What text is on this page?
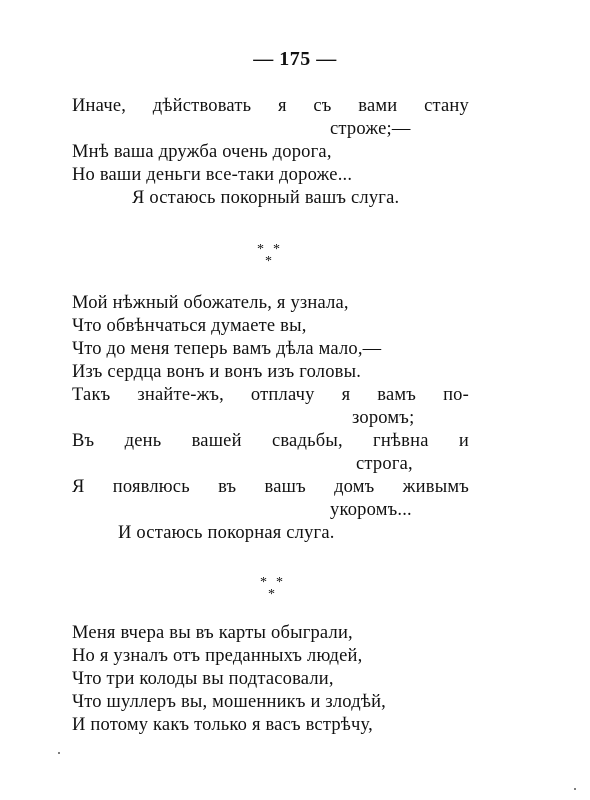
— 175 —
Иначе, дѣйствовать я съ вами стану
строже;—
Мнѣ ваша дружба очень дорога,
Но ваши деньги все-таки дороже...
Я остаюсь покорный вашъ слуга.
* *
*
Мой нѣжный обожатель, я узнала,
Что обвѣнчаться думаете вы,
Что до меня теперь вамъ дѣла мало,—
Изъ сердца вонъ и вонъ изъ головы.
Такъ знайте-жъ, отплачу я вамъ по-
зоромъ;
Въ день вашей свадьбы, гнѣвна и
строга,
Я появлюсь въ вашъ домъ живымъ
укоромъ...
И остаюсь покорная слуга.
* *
*
Меня вчера вы въ карты обыграли,
Но я узналъ отъ преданныхъ людей,
Что три колоды вы подтасовали,
Что шуллеръ вы, мошенникъ и злодѣй,
И потому какъ только я васъ встрѣчу,
